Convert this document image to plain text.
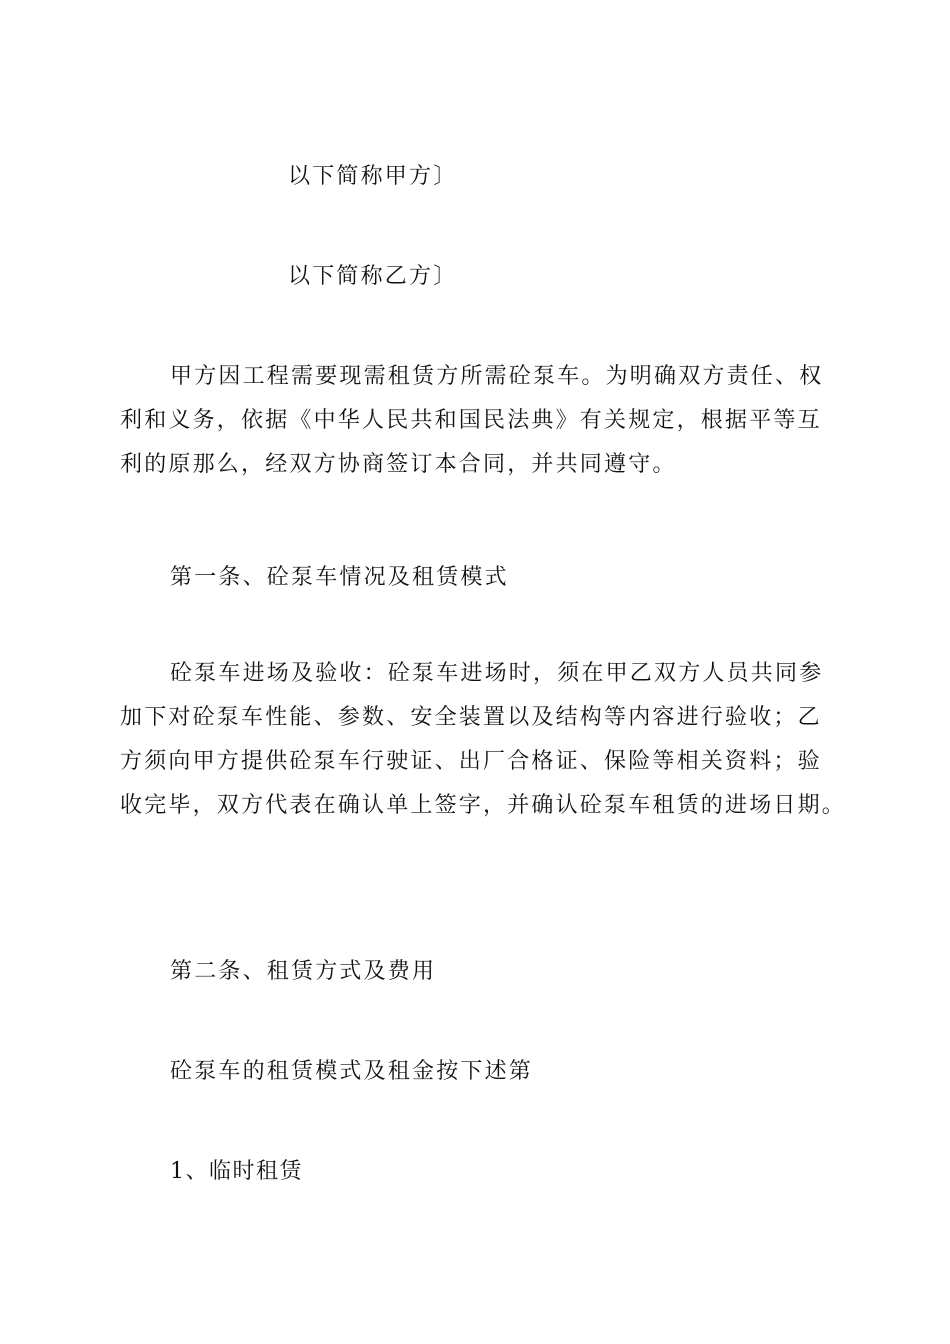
以下简称甲方〕

以下简称乙方〕

甲方因工程需要现需租赁方所需砼泵车。为明确双方责任、权
利和义务，依据《中华人民共和国民法典》有关规定，根据平等互
利的原那么，经双方协商签订本合同，并共同遵守。

第一条、砼泵车情况及租赁模式

砼泵车进场及验收：砼泵车进场时，须在甲乙双方人员共同参
加下对砼泵车性能、参数、安全装置以及结构等内容进行验收；乙
方须向甲方提供砼泵车行驶证、出厂合格证、保险等相关资料；验
收完毕，双方代表在确认单上签字，并确认砼泵车租赁的进场日期。

第二条、租赁方式及费用

砼泵车的租赁模式及租金按下述第

1、临时租赁
